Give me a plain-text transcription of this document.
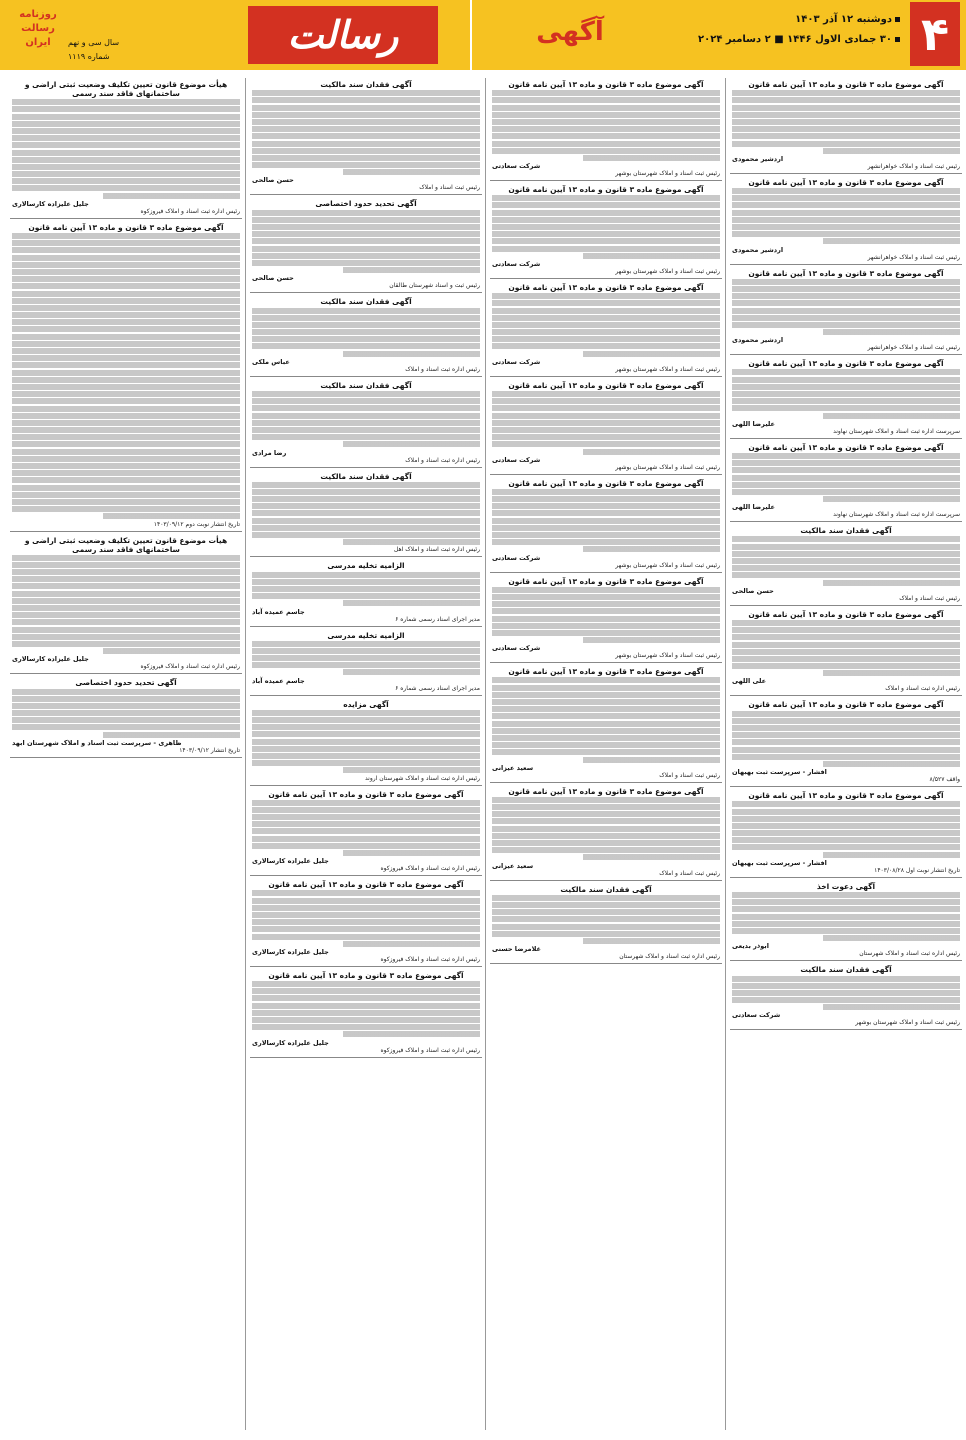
۴
دوشنبه ۱۲ آذر ۱۴۰۳
۳۰ جمادی الاول ۱۴۴۶ ■ ۲ دسامبر ۲۰۲۴
آگهی
رسالت
روزنامه رسالت ایران	سال سی و نهم
شماره ۱۱۱۹
آگهی موضوع ماده ۳ قانون و ماده ۱۳ آیین نامه قانون
اردشیر محمودی
رئیس ثبت اسناد و املاک خواهرانشهر
آگهی موضوع ماده ۳ قانون و ماده ۱۳ آیین نامه قانون
اردشیر محمودی
رئیس ثبت اسناد و املاک خواهرانشهر
آگهی موضوع ماده ۳ قانون و ماده ۱۳ آیین نامه قانون
اردشیر محمودی
رئیس ثبت اسناد و املاک خواهرانشهر
آگهی موضوع ماده ۳ قانون و ماده ۱۳ آیین نامه قانون
علیرضا اللهی
سرپرست اداره ثبت اسناد و املاک شهرستان نهاوند
آگهی موضوع ماده ۳ قانون و ماده ۱۳ آیین نامه قانون
علیرضا اللهی
سرپرست اداره ثبت اسناد و املاک شهرستان نهاوند
آگهی فقدان سند مالکیت
حسن صالحی
رئیس ثبت اسناد و املاک
آگهی موضوع ماده ۳ قانون و ماده ۱۳ آیین نامه قانون
علی اللهی
رئیس اداره ثبت اسناد و املاک
آگهی موضوع ماده ۳ قانون و ماده ۱۳ آیین نامه قانون
افشار - سرپرست ثبت بهبهان
واقف ۸/۵۲۷
آگهی موضوع ماده ۳ قانون و ماده ۱۳ آیین نامه قانون
افشار - سرپرست ثبت بهبهان
تاریخ انتشار نوبت اول ۱۴۰۳/۰۸/۲۸
آگهی دعوت اخذ
ابوذر بدیعی
رئیس اداره ثبت اسناد و املاک شهرستان
آگهی فقدان سند مالکیت
شرکت سعادتی
رئیس ثبت اسناد و املاک شهرستان بوشهر
آگهی موضوع ماده ۳ قانون و ماده ۱۳ آیین نامه قانون
شرکت سعادتی
رئیس ثبت اسناد و املاک شهرستان بوشهر
آگهی موضوع ماده ۳ قانون و ماده ۱۳ آیین نامه قانون
شرکت سعادتی
رئیس ثبت اسناد و املاک شهرستان بوشهر
آگهی موضوع ماده ۳ قانون و ماده ۱۳ آیین نامه قانون
شرکت سعادتی
رئیس ثبت اسناد و املاک شهرستان بوشهر
آگهی موضوع ماده ۳ قانون و ماده ۱۳ آیین نامه قانون
شرکت سعادتی
رئیس ثبت اسناد و املاک شهرستان بوشهر
آگهی موضوع ماده ۳ قانون و ماده ۱۳ آیین نامه قانون
شرکت سعادتی
رئیس ثبت اسناد و املاک شهرستان بوشهر
آگهی موضوع ماده ۳ قانون و ماده ۱۳ آیین نامه قانون
شرکت سعادتی
رئیس ثبت اسناد و املاک شهرستان بوشهر
آگهی موضوع ماده ۳ قانون و ماده ۱۳ آیین نامه قانون
سعید عیزانی
رئیس ثبت اسناد و املاک
آگهی موضوع ماده ۳ قانون و ماده ۱۳ آیین نامه قانون
سعید عیزانی
رئیس ثبت اسناد و املاک
آگهی فقدان سند مالکیت
غلامرضا حسنی
رئیس اداره ثبت اسناد و املاک شهرستان
آگهی فقدان سند مالکیت
حسن صالحی
رئیس ثبت اسناد و املاک
آگهی تحدید حدود اختصاصی
حسن صالحی
رئیس ثبت و اسناد شهرستان طالقان
آگهی فقدان سند مالکیت
عباس ملکی
رئیس اداره ثبت اسناد و املاک
آگهی فقدان سند مالکیت
رضا مرادی
رئیس اداره ثبت اسناد و املاک
آگهی فقدان سند مالکیت
رئیس اداره ثبت اسناد و املاک اهل
الزامیه تخلیه مدرسی
جاسم عمیده آباد
مدیر اجرای اسناد رسمی شماره ۶
الزامیه تخلیه مدرسی
جاسم عمیده آباد
مدیر اجرای اسناد رسمی شماره ۶
آگهی مزایده
رئیس اداره ثبت اسناد و املاک شهرستان اروند
آگهی موضوع ماده ۳ قانون و ماده ۱۳ آیین نامه قانون
جلیل علیزاده کارسالاری
رئیس اداره ثبت اسناد و املاک فیروزکوه
آگهی موضوع ماده ۳ قانون و ماده ۱۳ آیین نامه قانون
جلیل علیزاده کارسالاری
رئیس اداره ثبت اسناد و املاک فیروزکوه
آگهی موضوع ماده ۳ قانون و ماده ۱۳ آیین نامه قانون
جلیل علیزاده کارسالاری
رئیس اداره ثبت اسناد و املاک فیروزکوه
هیأت موضوع قانون تعیین تکلیف وضعیت ثبتی اراضی و ساختمانهای فاقد سند رسمی
جلیل علیزاده کارسالاری
رئیس اداره ثبت اسناد و املاک فیروزکوه
آگهی موضوع ماده ۳ قانون و ماده ۱۳ آیین نامه قانون
تاریخ انتشار نوبت دوم ۱۴۰۳/۰۹/۱۲
هیأت موضوع قانون تعیین تکلیف وضعیت ثبتی اراضی و ساختمانهای فاقد سند رسمی
جلیل علیزاده کارسالاری
رئیس اداره ثبت اسناد و املاک فیروزکوه
آگهی تحدید حدود اختصاصی
ظاهری - سرپرست ثبت اسناد و املاک شهرستان ابهد
تاریخ انتشار ۱۴۰۳/۰۹/۱۲
